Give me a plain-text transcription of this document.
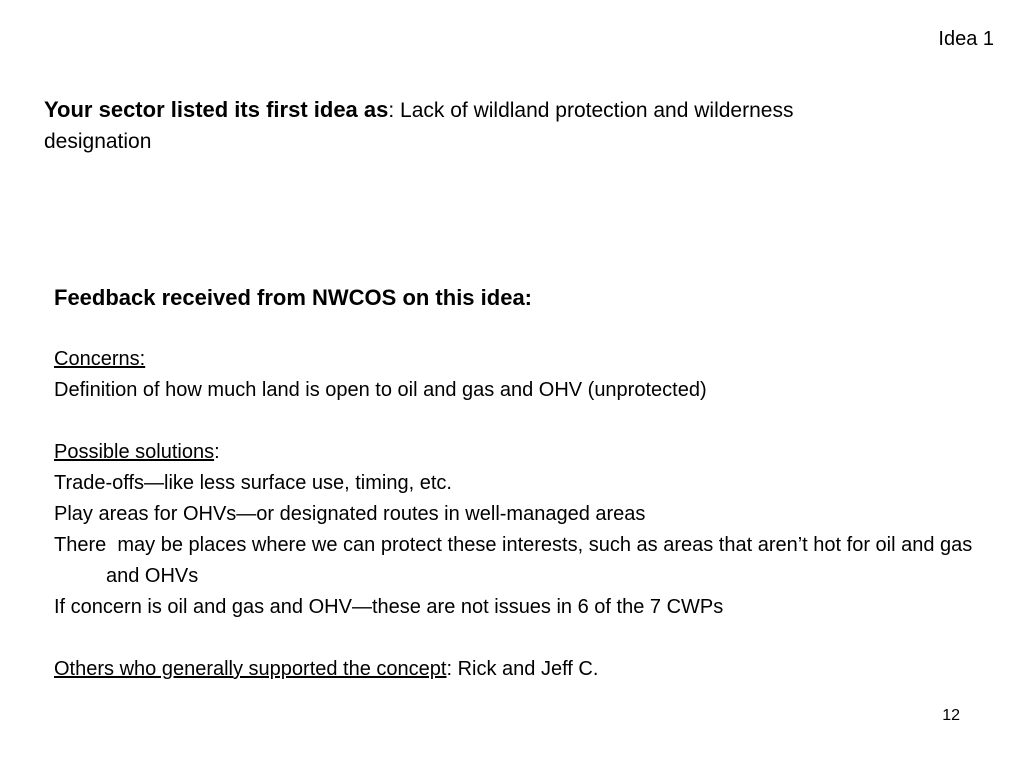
Idea 1
Your sector listed its first idea as: Lack of wildland protection and wilderness designation
Feedback received from NWCOS on this idea:
Concerns:
Definition of how much land is open to oil and gas and OHV (unprotected)
Possible solutions:
Trade-offs—like less surface use, timing, etc.
Play areas for OHVs—or designated routes in well-managed areas
There  may be places where we can protect these interests, such as areas that aren’t hot for oil and gas and OHVs
If concern is oil and gas and OHV—these are not issues in 6 of the 7 CWPs
Others who generally supported the concept: Rick and Jeff C.
12
